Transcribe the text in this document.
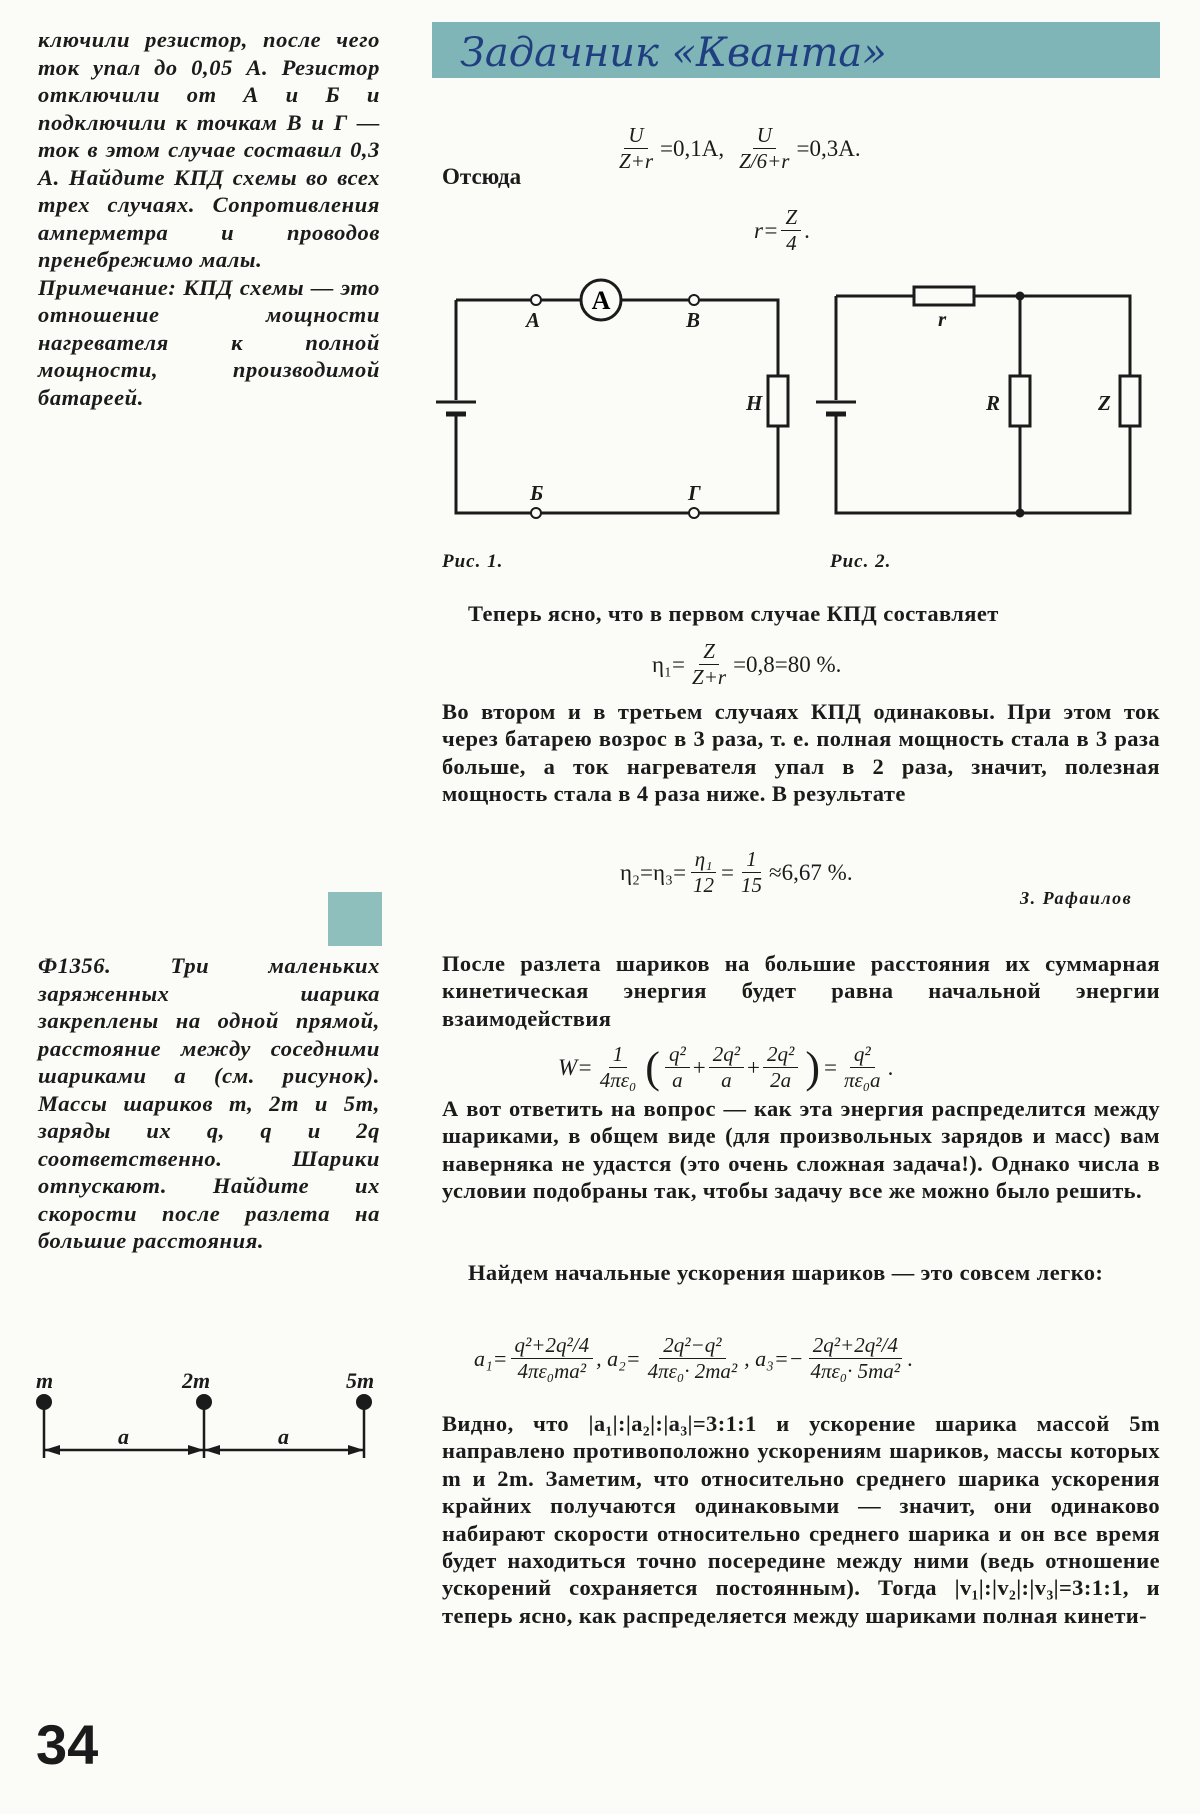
Задачник «Кванта»

ключили резистор, после чего ток упал до 0,05 А. Резистор отключили от А и Б и подключили к точкам В и Г — ток в этом случае составил 0,3 А. Найдите КПД схемы во всех трех случаях. Сопротивления амперметра и проводов пренебрежимо малы.

Примечание: КПД схемы — это отношение мощности нагревателя к полной мощности, производимой батареей.

Отсюда
$\frac{U}{Z+r} =0,1А$, $\frac{U}{Z/6+r} =0,3А$.
$r= \frac{Z}{4}$ .
A
А	В
Н
Б	Г
Рис. 1.
r
R	Z
Рис. 2.

Теперь ясно, что в первом случае КПД составляет

$\eta_1= \frac{Z}{Z+r} =0,8=80$ %.

Во втором и в третьем случаях КПД одинаковы. При этом ток через батарею возрос в 3 раза, т. е. полная мощность стала в 3 раза больше, а ток нагревателя упал в 2 раза, значит, полезная мощность стала в 4 раза ниже. В результате

$\eta_2=\eta_3= \frac{\text{η₁}}{12} = \frac{1}{15} \approx 6,67$ %.
З. Рафаилов

Ф1356.	Три маленьких заряженных шарика закреплены на одной прямой, расстояние между соседними шариками a (см. рисунок). Массы шариков m, 2m и 5m, заряды их q, q и 2q соответственно. Шарики отпускают. Найдите их скорости после разлета на большие расстояния.

m	2m	5m
a	a

После разлета шариков на большие расстояния их суммарная кинетическая энергия будет равна начальной энергии взаимодействия

$W= \frac{1}{\text{4πε₀}}$ ( $\frac{\text{q²}}{a} + \frac{\text{2q²}}{a} + \frac{\text{2q²}}{2a}$ ) = $\frac{\text{q²}}{\text{πε₀a}}$ .

А вот ответить на вопрос — как эта энергия распределится между шариками, в общем виде (для произвольных зарядов и масс) вам наверняка не удастся (это очень сложная задача!). Однако числа в условии подобраны так, чтобы задачу все же можно было решить.

Найдем начальные ускорения шариков — это совсем легко:

$a_1= \frac{\text{q²+2q²/4}}{\text{4πε₀ma²}}$ , $a_2= \frac{\text{2q²−q²}}{\text{4πε₀· 2ma²}}$ , $a_3=- \frac{\text{2q²+2q²/4}}{\text{4πε₀· 5ma²}}$ .

Видно, что |a₁|:|a₂|:|a₃|=3:1:1 и ускорение шарика массой 5m направлено противоположно ускорениям шариков, массы которых m и 2m. Заметим, что относительно среднего шарика ускорения крайних получаются одинаковыми — значит, они одинаково набирают скорости относительно среднего шарика и он все время будет находиться точно посередине между ними (ведь отношение ускорений сохраняется постоянным). Тогда |v₁|:|v₂|:|v₃|=3:1:1, и теперь ясно, как распределяется между шариками полная кинети-

34
